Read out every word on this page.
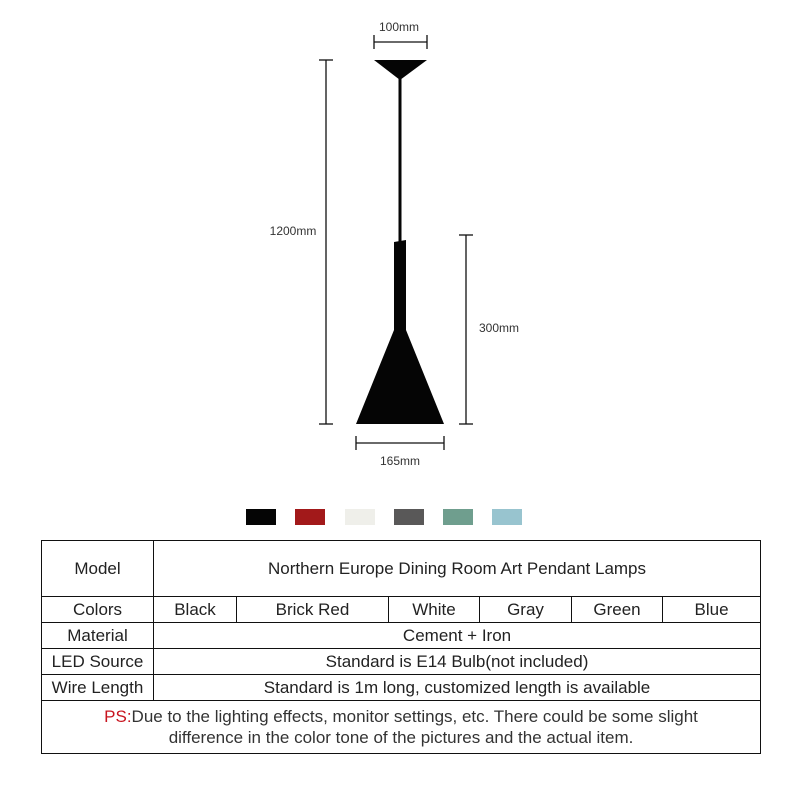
100mm
1200mm
300mm
165mm
Model	Northern Europe Dining Room Art Pendant Lamps					
Colors	Black	Brick Red	White	Gray	Green	Blue
Material	Cement + Iron					
LED Source	Standard is E14 Bulb(not included)					
Wire Length	Standard is 1m long, customized length is available					
PS:Due to the lighting effects, monitor settings, etc. There could be some slight
difference in the color tone of the pictures and the actual item.						
